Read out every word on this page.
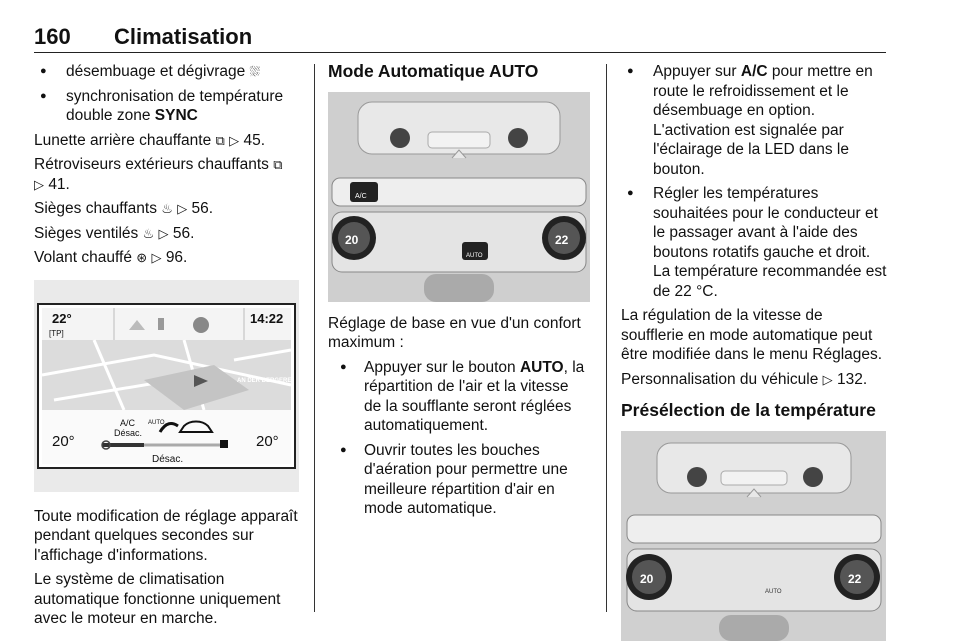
160 Climatisation
● désembuage et dégivrage ⛆
● synchronisation de température double zone SYNC

Lunette arrière chauffante ⧉ ▷ 45.

Rétroviseurs extérieurs chauffants ⧉
▷ 41.

Sièges chauffants ♨ ▷ 56.

Sièges ventilés ♨ ▷ 56.

Volant chauffé ⊛ ▷ 96.

22°
[TP]
14:22
AN DER BERGERE
A/C
Désac.
AUTO
20°	20°
Désac.

Toute modification de réglage apparaît pendant quelques secondes sur l'affichage d'informations.

Le système de climatisation automatique fonctionne uniquement avec le moteur en marche.

Mode Automatique AUTO
20	22
A/C
AUTO

Réglage de base en vue d'un confort maximum :

● Appuyer sur le bouton AUTO, la répartition de l'air et la vitesse de la soufflante seront réglées automatiquement.
● Ouvrir toutes les bouches d'aération pour permettre une meilleure répartition d'air en mode automatique.
● Appuyer sur A/C pour mettre en route le refroidissement et le désembuage en option. L'activation est signalée par l'éclairage de la LED dans le bouton.
● Régler les températures souhaitées pour le conducteur et le passager avant à l'aide des boutons rotatifs gauche et droit. La température recommandée est de 22 °C.

La régulation de la vitesse de soufflerie en mode automatique peut être modifiée dans le menu Réglages.

Personnalisation du véhicule ▷ 132.

Présélection de la température
20	22
AUTO
